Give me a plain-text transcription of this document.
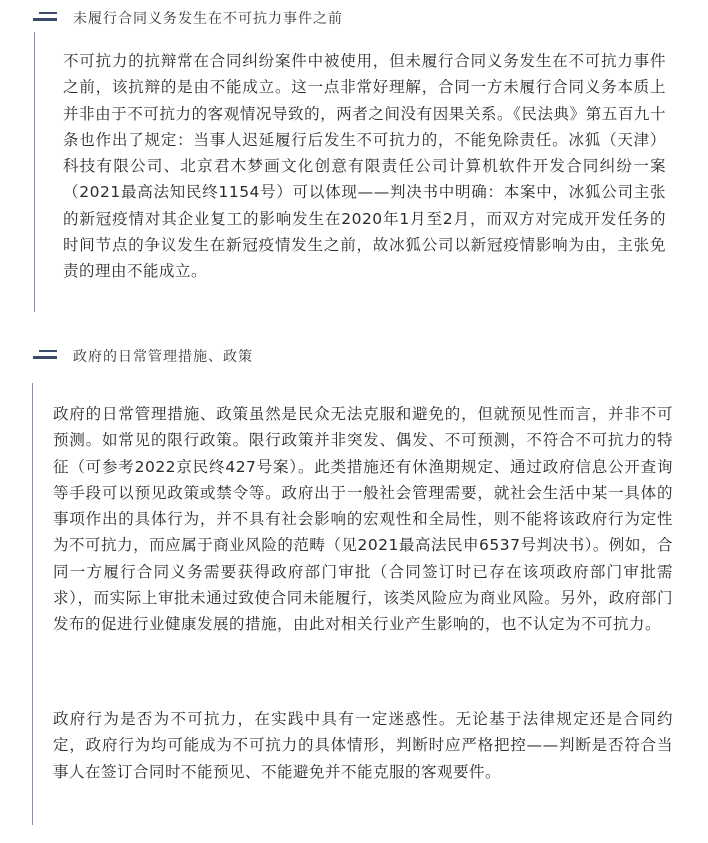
未履行合同义务发生在不可抗力事件之前

不可抗力的抗辩常在合同纠纷案件中被使用，但未履行合同义务发生在不可抗力事件之前，该抗辩的是由不能成立。这一点非常好理解，合同一方未履行合同义务本质上并非由于不可抗力的客观情况导致的，两者之间没有因果关系。《民法典》第五百九十条也作出了规定：当事人迟延履行后发生不可抗力的，不能免除责任。冰狐（天津）科技有限公司、北京君木梦画文化创意有限责任公司计算机软件开发合同纠纷一案（2021最高法知民终1154号）可以体现——判决书中明确：本案中，冰狐公司主张的新冠疫情对其企业复工的影响发生在2020年1月至2月，而双方对完成开发任务的时间节点的争议发生在新冠疫情发生之前，故冰狐公司以新冠疫情影响为由，主张免责的理由不能成立。

政府的日常管理措施、政策

政府的日常管理措施、政策虽然是民众无法克服和避免的，但就预见性而言，并非不可预测。如常见的限行政策。限行政策并非突发、偶发、不可预测，不符合不可抗力的特征（可参考2022京民终427号案）。此类措施还有休渔期规定、通过政府信息公开查询等手段可以预见政策或禁令等。政府出于一般社会管理需要，就社会生活中某一具体的事项作出的具体行为，并不具有社会影响的宏观性和全局性，则不能将该政府行为定性为不可抗力，而应属于商业风险的范畴（见2021最高法民申6537号判决书）。例如，合同一方履行合同义务需要获得政府部门审批（合同签订时已存在该项政府部门审批需求），而实际上审批未通过致使合同未能履行，该类风险应为商业风险。另外，政府部门发布的促进行业健康发展的措施，由此对相关行业产生影响的，也不认定为不可抗力。

政府行为是否为不可抗力，在实践中具有一定迷惑性。无论基于法律规定还是合同约定，政府行为均可能成为不可抗力的具体情形，判断时应严格把控——判断是否符合当事人在签订合同时不能预见、不能避免并不能克服的客观要件。
